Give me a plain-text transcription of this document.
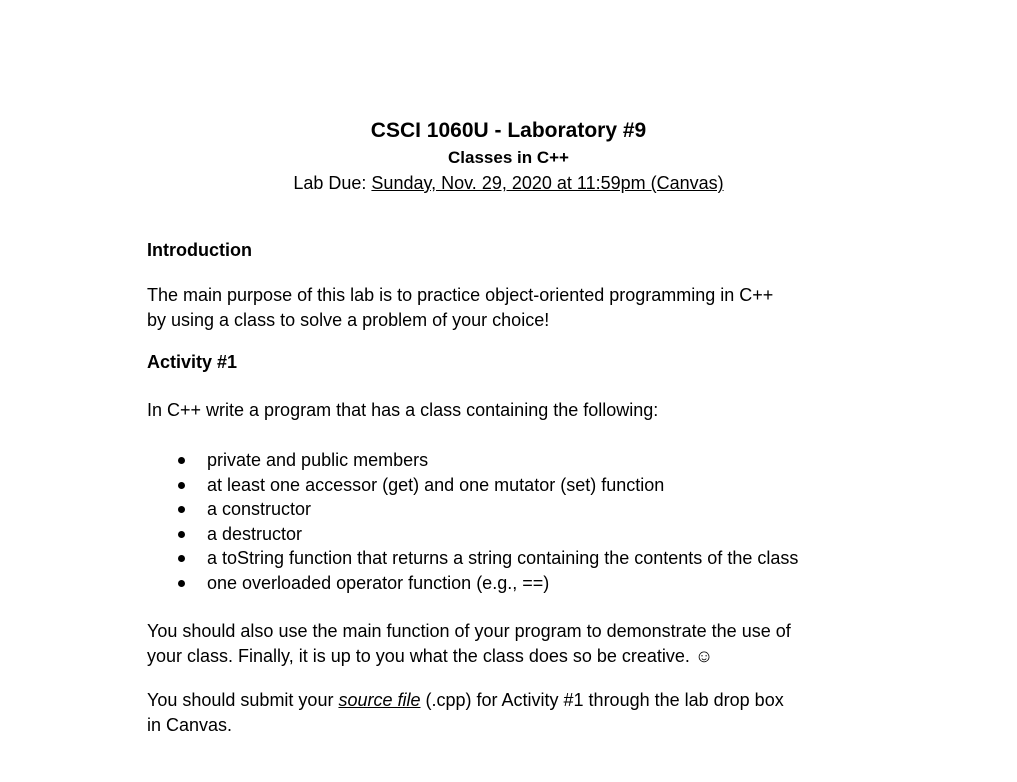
CSCI 1060U - Laboratory #9
Classes in C++
Lab Due: Sunday, Nov. 29, 2020 at 11:59pm (Canvas)
Introduction
The main purpose of this lab is to practice object-oriented programming in C++
by using a class to solve a problem of your choice!
Activity #1
In C++ write a program that has a class containing the following:
private and public members
at least one accessor (get) and one mutator (set) function
a constructor
a destructor
a toString function that returns a string containing the contents of the class
one overloaded operator function (e.g., ==)
You should also use the main function of your program to demonstrate the use of
your class. Finally, it is up to you what the class does so be creative. ☺
You should submit your source file (.cpp) for Activity #1 through the lab drop box
in Canvas.
